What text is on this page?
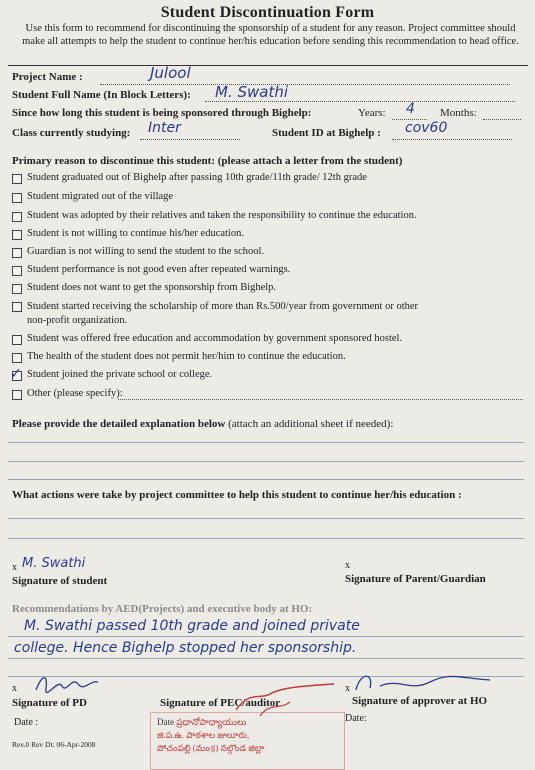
Student Discontinuation Form
Use this form to recommend for discontinuing the sponsorship of a student for any reason. Project committee should make all attempts to help the student to continue her/his education before sending this recommendation to head office.
Project Name :	Julool
Student Full Name (In Block Letters): M. Swathi
Since how long this student is being sponsored through Bighelp:	Years: 4 Months:
Class currently studying: Inter	Student ID at Bighelp : cov60
Primary reason to discontinue this student: (please attach a letter from the student)
Student graduated out of Bighelp after passing 10th grade/11th grade/ 12th grade
Student migrated out of the village
Student was adopted by their relatives and taken the responsibility to continue the education.
Student is not willing to continue his/her education.
Guardian is not willing to send the student to the school.
Student performance is not good even after repeated warnings.
Student does not want to get the sponsorship from Bighelp.
Student started receiving the scholarship of more than Rs.500/year from government or other
non-profit organization.
Student was offered free education and accommodation by government sponsored hostel.
The health of the student does not permit her/him to continue the education.
✓ Student joined the private school or college.
Other (please specify):
Please provide the detailed explanation below (attach an additional sheet if needed):
What actions were take by project committee to help this student to continue her/his education :
x M. Swathi
Signature of student
x
Signature of Parent/Guardian
Recommendations by AED(Projects) and executive body at HO:
M. Swathi passed 10th grade and joined private
college. Hence Bighelp stopped her sponsorship.
x
Signature of PD
Date :
Signature of PEC/auditor
Date ప్రధానోపాధ్యాయులు
జి.ప.ఉ. పాఠశాల జులూరు,
పోచంపల్లి (మం॥) నల్గొండ జిల్లా
x
Signature of approver at HO
Date:
Rev.0 Rev Dt: 06-Apr-2008
